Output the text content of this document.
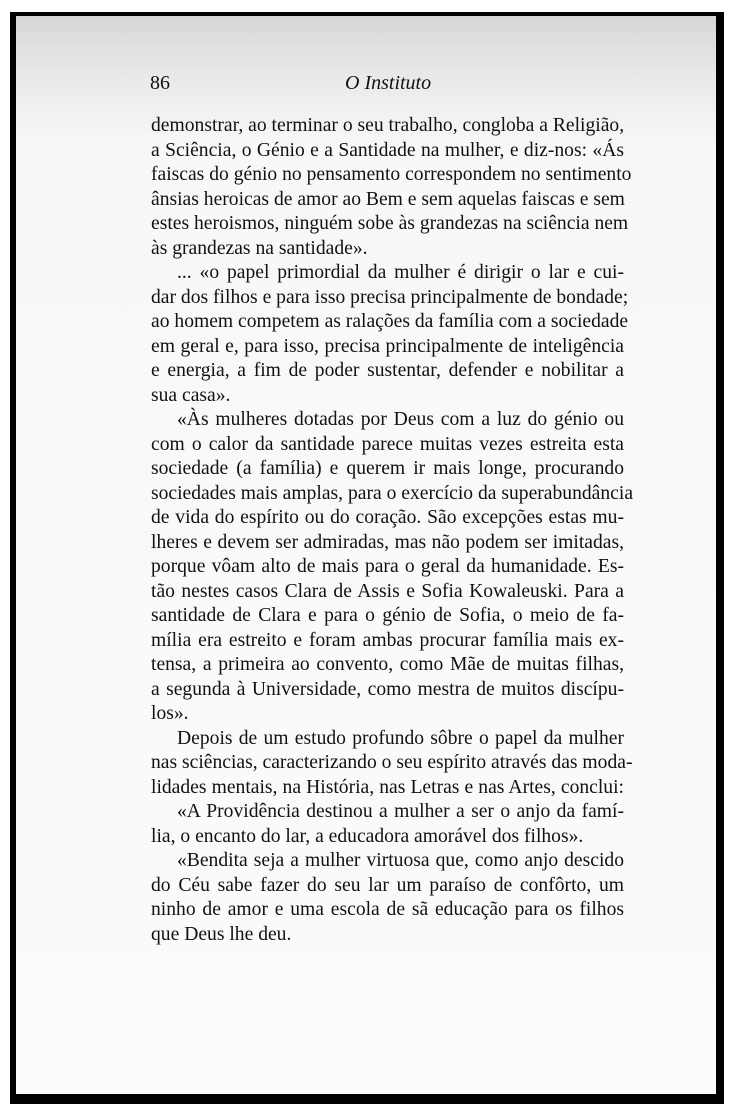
86	O Instituto

demonstrar, ao terminar o seu trabalho, congloba a Religião,
a Sciência, o Génio e a Santidade na mulher, e diz-nos: «Ás
faiscas do génio no pensamento correspondem no sentimento
ânsias heroicas de amor ao Bem e sem aquelas faiscas e sem
estes heroismos, ninguém sobe às grandezas na sciência nem
às grandezas na santidade».

... «o papel primordial da mulher é dirigir o lar e cui-
dar dos filhos e para isso precisa principalmente de bondade;
ao homem competem as ralações da família com a sociedade
em geral e, para isso, precisa principalmente de inteligência
e energia, a fim de poder sustentar, defender e nobilitar a
sua casa».

«Às mulheres dotadas por Deus com a luz do génio ou
com o calor da santidade parece muitas vezes estreita esta
sociedade (a família) e querem ir mais longe, procurando
sociedades mais amplas, para o exercício da superabundância
de vida do espírito ou do coração. São excepções estas mu-
lheres e devem ser admiradas, mas não podem ser imitadas,
porque vôam alto de mais para o geral da humanidade. Es-
tão nestes casos Clara de Assis e Sofia Kowaleuski. Para a
santidade de Clara e para o génio de Sofia, o meio de fa-
mília era estreito e foram ambas procurar família mais ex-
tensa, a primeira ao convento, como Mãe de muitas filhas,
a segunda à Universidade, como mestra de muitos discípu-
los».

Depois de um estudo profundo sôbre o papel da mulher
nas sciências, caracterizando o seu espírito através das moda-
lidades mentais, na História, nas Letras e nas Artes, conclui:

«A Providência destinou a mulher a ser o anjo da famí-
lia, o encanto do lar, a educadora amorável dos filhos».

«Bendita seja a mulher virtuosa que, como anjo descido
do Céu sabe fazer do seu lar um paraíso de confôrto, um
ninho de amor e uma escola de sã educação para os filhos
que Deus lhe deu.
